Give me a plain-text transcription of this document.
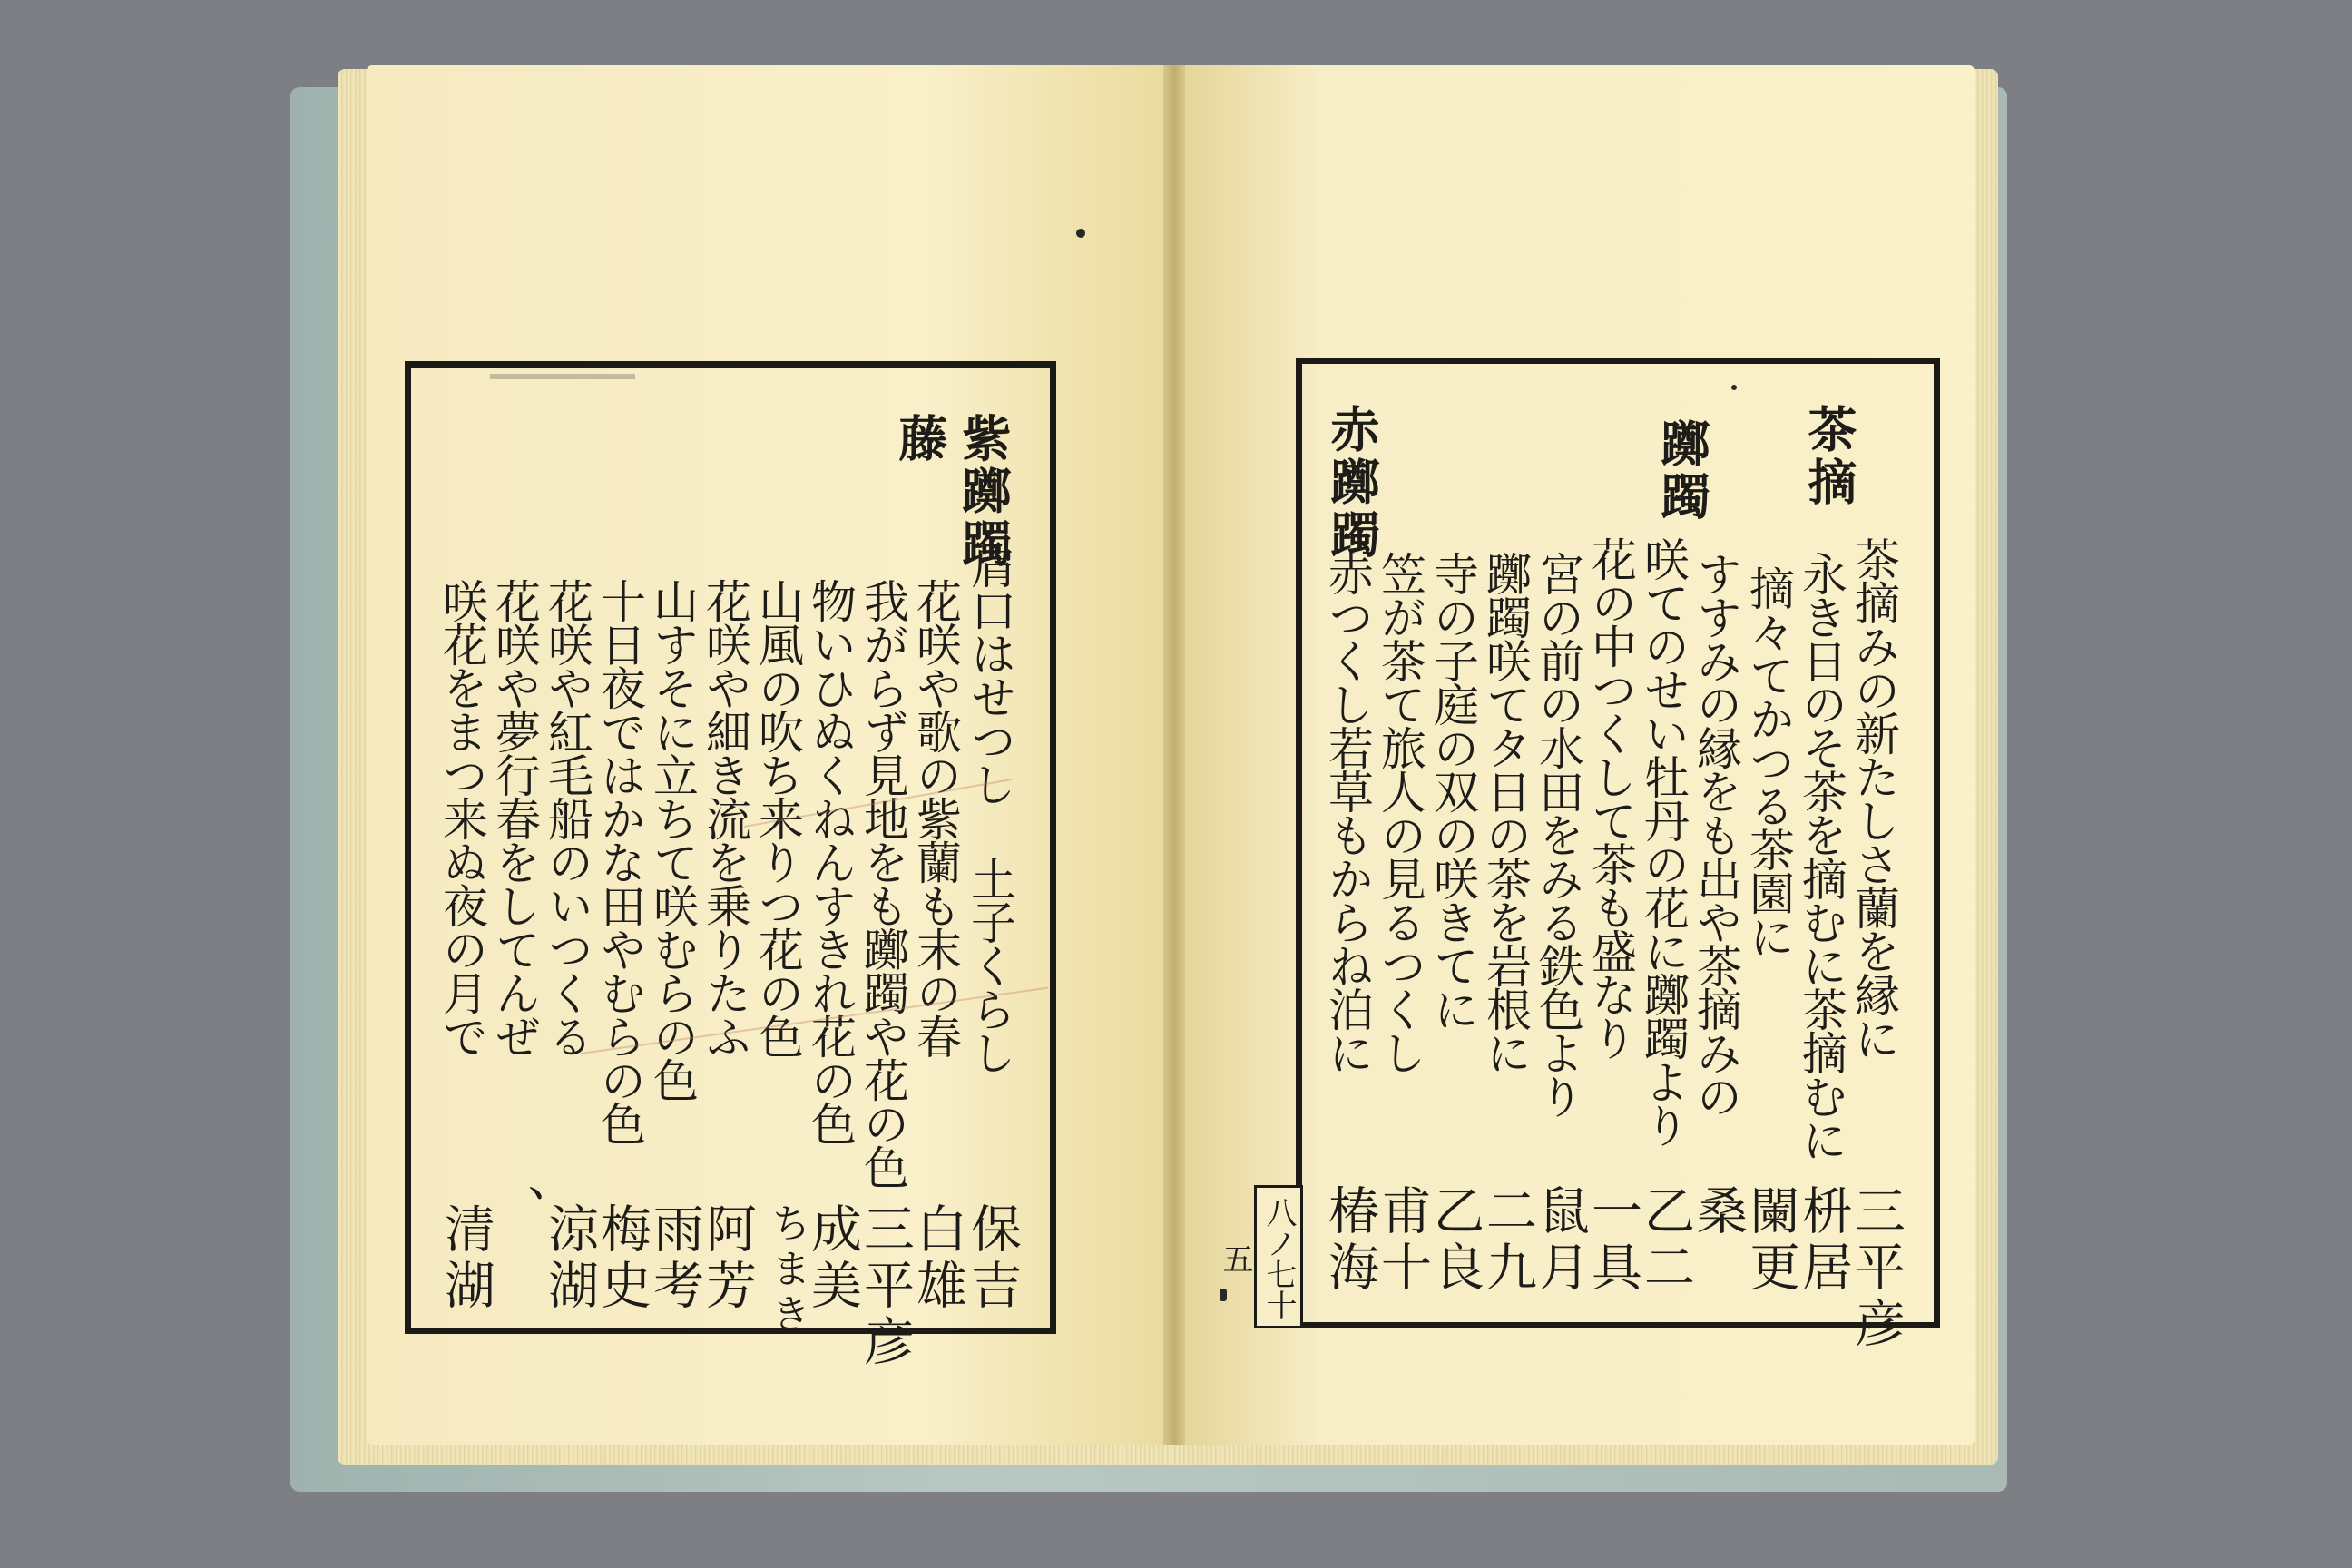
紫躑躅
藤
肩口はせつし ⼟子くらし
花咲や歌の紫蘭も末の春
我がらず見地をも躑躅や花の色
物いひぬくねんすきれ花の色
山風の吹ち来りつ花の色
花咲や細き流を乗りたふ
山すそに立ちて咲むらの色
十日夜ではかな田やむらの色
花咲や紅毛船のいつくる
花咲や夢行春をしてんぜ
咲花をまつ来ぬ夜の月で
保吉
白雄
三平彦
成美
ちまき
阿芳
雨考
梅史
涼湖
、
清湖
茶摘
躑躅
赤躑躅
茶摘みの新たしさ蘭を縁に
永き日のそ茶を摘むに茶摘むに
摘々てかつる茶園に
すすみの縁をも出や茶摘みの
咲てのせい牡丹の花に躑躅より
花の中つくして茶も盛なり
宮の前の水田をみる鉄色より
躑躅咲てタ日の茶を岩根に
寺の子庭の双の咲きてに
笠が茶て旅人の見るつくし
赤つくし若草もからね泊に
三平彦
枡居
闌更
桑
乙二
一具
鼠月
二九
乙良
甫十
椿海
八ノ七十五
